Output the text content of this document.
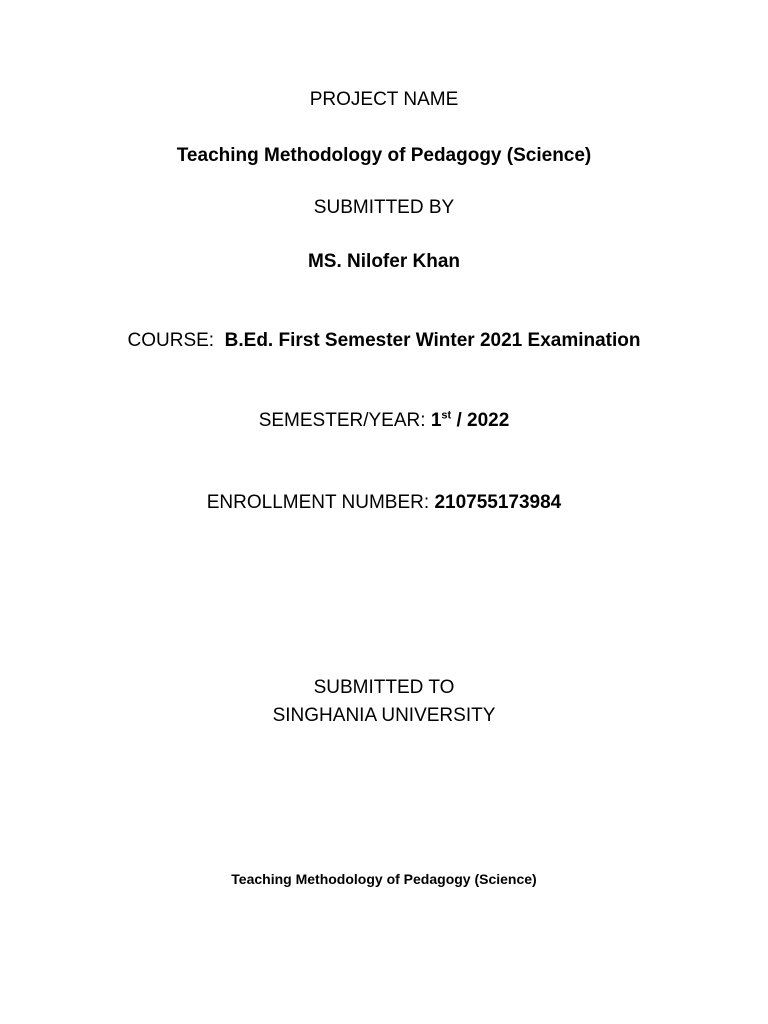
PROJECT NAME
Teaching Methodology of Pedagogy (Science)
SUBMITTED BY
MS. Nilofer Khan
COURSE: B.Ed. First Semester Winter 2021 Examination
SEMESTER/YEAR: 1st / 2022
ENROLLMENT NUMBER: 210755173984
SUBMITTED TO
SINGHANIA UNIVERSITY
Teaching Methodology of Pedagogy (Science)
